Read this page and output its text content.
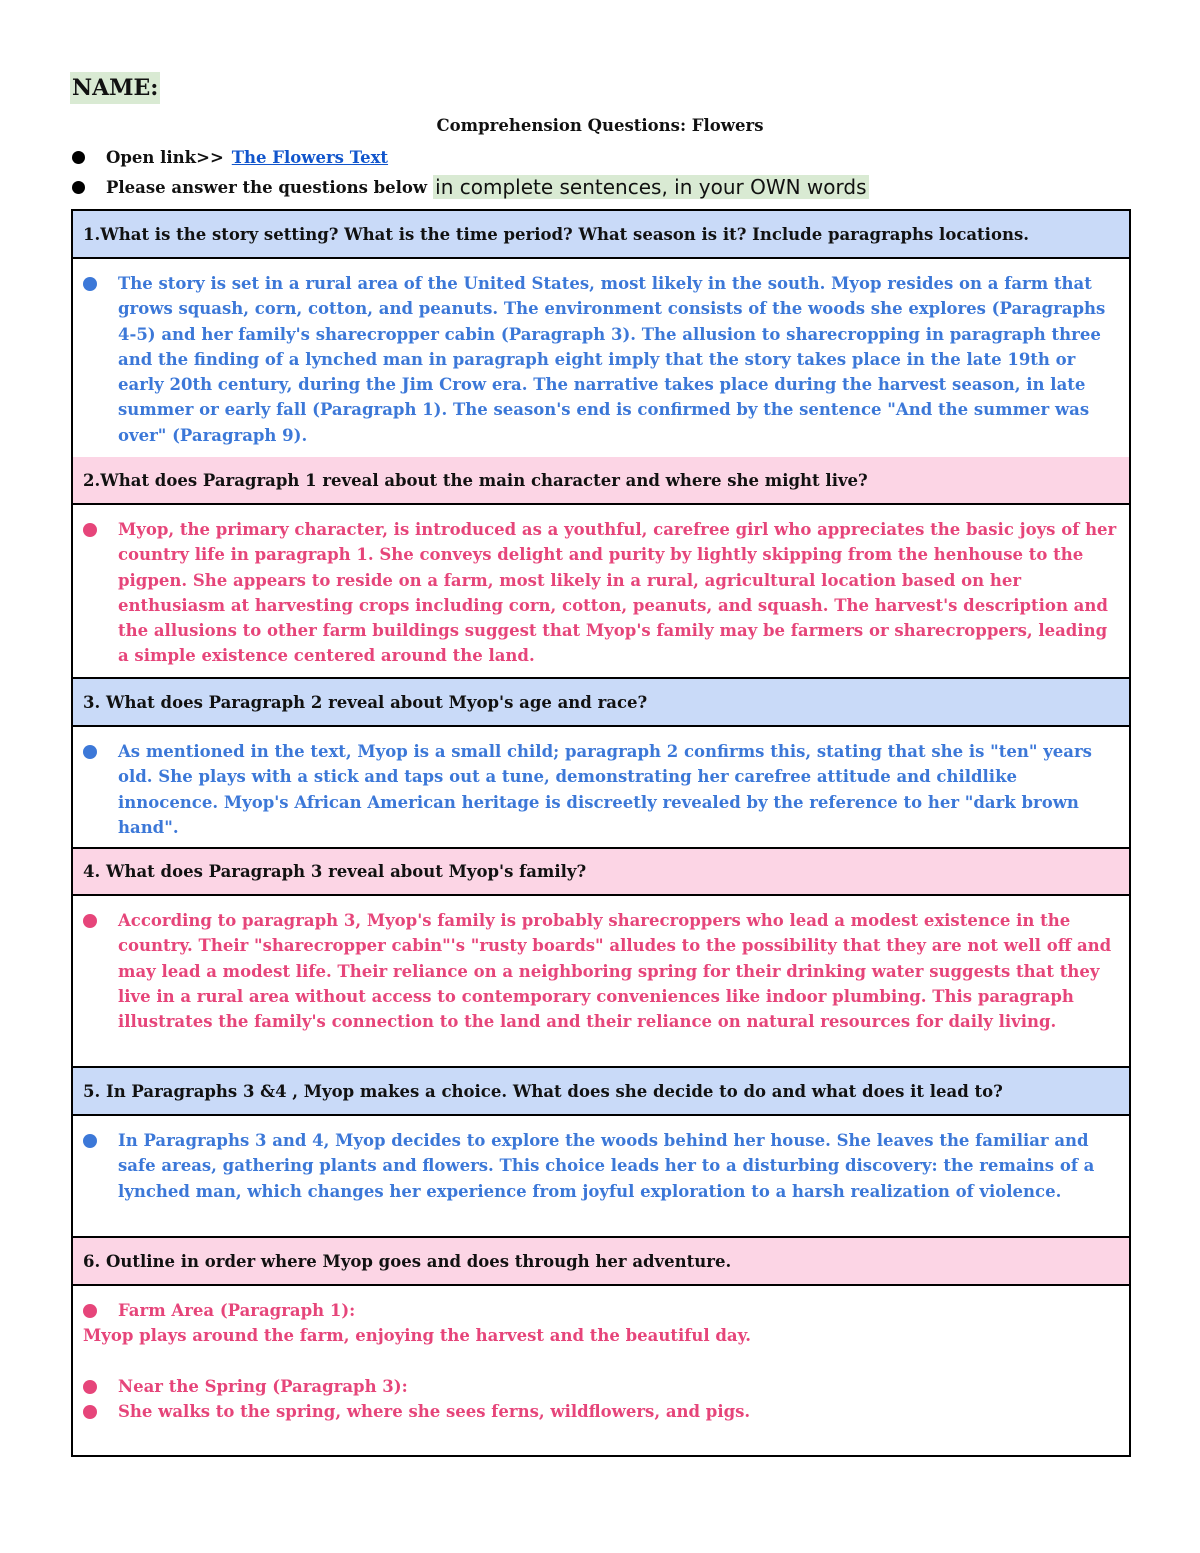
NAME:
Comprehension Questions: Flowers
Open link>> The Flowers Text
Please answer the questions below in complete sentences, in your OWN words
1.What is the story setting? What is the time period? What season is it? Include paragraphs locations.
The story is set in a rural area of the United States, most likely in the south. Myop resides on a farm that grows squash, corn, cotton, and peanuts. The environment consists of the woods she explores (Paragraphs 4-5) and her family's sharecropper cabin (Paragraph 3). The allusion to sharecropping in paragraph three and the finding of a lynched man in paragraph eight imply that the story takes place in the late 19th or early 20th century, during the Jim Crow era. The narrative takes place during the harvest season, in late summer or early fall (Paragraph 1). The season's end is confirmed by the sentence "And the summer was over" (Paragraph 9).
2.What does Paragraph 1 reveal about the main character and where she might live?
Myop, the primary character, is introduced as a youthful, carefree girl who appreciates the basic joys of her country life in paragraph 1. She conveys delight and purity by lightly skipping from the henhouse to the pigpen. She appears to reside on a farm, most likely in a rural, agricultural location based on her enthusiasm at harvesting crops including corn, cotton, peanuts, and squash. The harvest's description and the allusions to other farm buildings suggest that Myop's family may be farmers or sharecroppers, leading a simple existence centered around the land.
3. What does Paragraph 2 reveal about Myop's age and race?
As mentioned in the text, Myop is a small child; paragraph 2 confirms this, stating that she is "ten" years old. She plays with a stick and taps out a tune, demonstrating her carefree attitude and childlike innocence. Myop's African American heritage is discreetly revealed by the reference to her "dark brown hand".
4. What does Paragraph 3 reveal about Myop's family?
According to paragraph 3, Myop's family is probably sharecroppers who lead a modest existence in the country. Their "sharecropper cabin"'s "rusty boards" alludes to the possibility that they are not well off and may lead a modest life. Their reliance on a neighboring spring for their drinking water suggests that they live in a rural area without access to contemporary conveniences like indoor plumbing. This paragraph illustrates the family's connection to the land and their reliance on natural resources for daily living.
5. In Paragraphs 3 &4 , Myop makes a choice. What does she decide to do and what does it lead to?
In Paragraphs 3 and 4, Myop decides to explore the woods behind her house. She leaves the familiar and safe areas, gathering plants and flowers. This choice leads her to a disturbing discovery: the remains of a lynched man, which changes her experience from joyful exploration to a harsh realization of violence.
6. Outline in order where Myop goes and does through her adventure.
Farm Area (Paragraph 1):
Myop plays around the farm, enjoying the harvest and the beautiful day.
Near the Spring (Paragraph 3):
She walks to the spring, where she sees ferns, wildflowers, and pigs.
